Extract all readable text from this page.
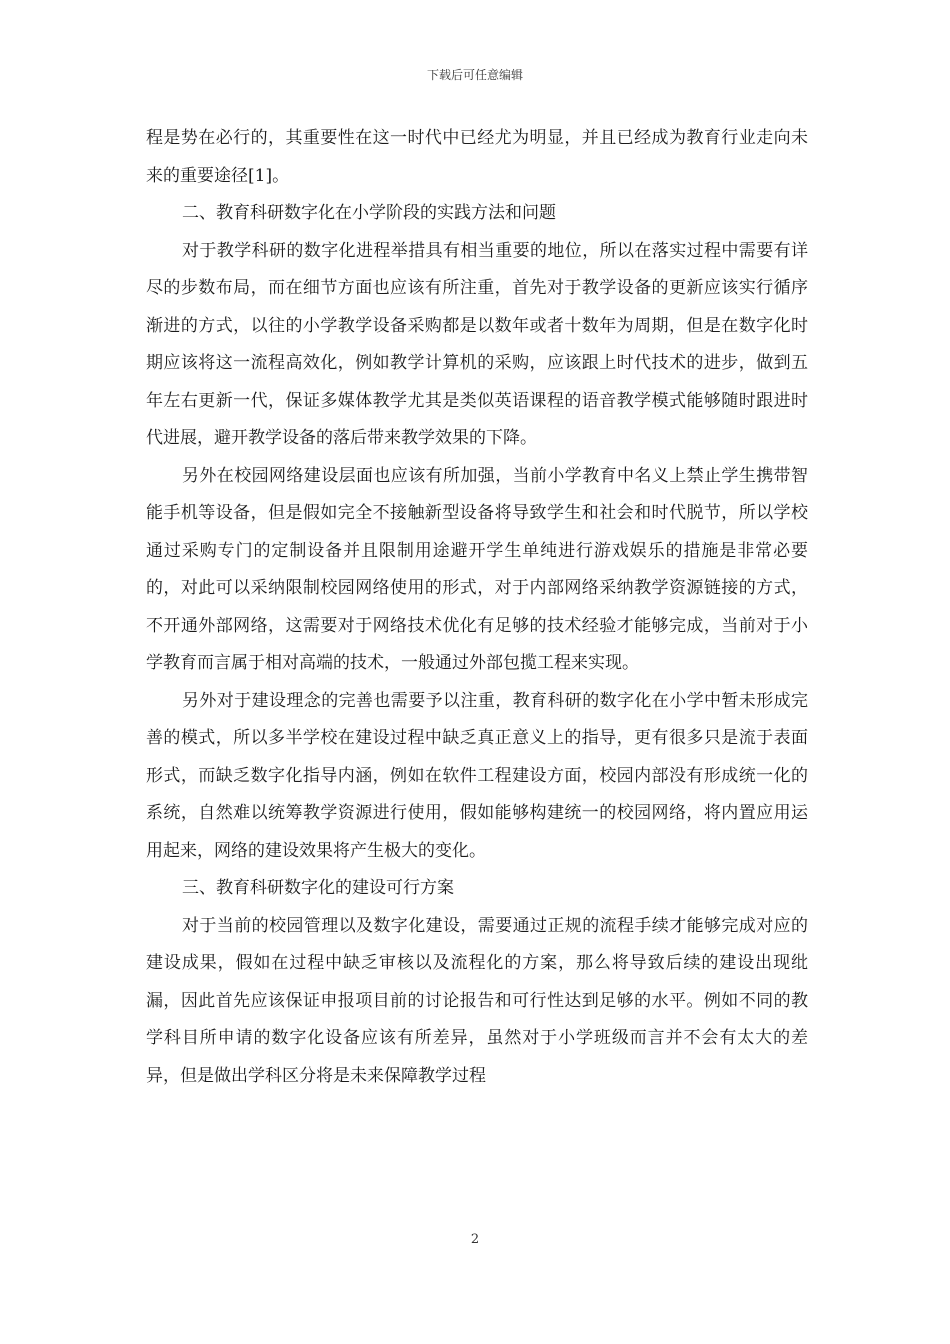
下载后可任意编辑

程是势在必行的，其重要性在这一时代中已经尤为明显，并且已经成为教育行业走向未来的重要途径[1]。

二、教育科研数字化在小学阶段的实践方法和问题

对于教学科研的数字化进程举措具有相当重要的地位，所以在落实过程中需要有详尽的步数布局，而在细节方面也应该有所注重，首先对于教学设备的更新应该实行循序渐进的方式，以往的小学教学设备采购都是以数年或者十数年为周期，但是在数字化时期应该将这一流程高效化，例如教学计算机的采购，应该跟上时代技术的进步，做到五年左右更新一代，保证多媒体教学尤其是类似英语课程的语音教学模式能够随时跟进时代进展，避开教学设备的落后带来教学效果的下降。

另外在校园网络建设层面也应该有所加强，当前小学教育中名义上禁止学生携带智能手机等设备，但是假如完全不接触新型设备将导致学生和社会和时代脱节，所以学校通过采购专门的定制设备并且限制用途避开学生单纯进行游戏娱乐的措施是非常必要的，对此可以采纳限制校园网络使用的形式，对于内部网络采纳教学资源链接的方式，不开通外部网络，这需要对于网络技术优化有足够的技术经验才能够完成，当前对于小学教育而言属于相对高端的技术，一般通过外部包揽工程来实现。

另外对于建设理念的完善也需要予以注重，教育科研的数字化在小学中暂未形成完善的模式，所以多半学校在建设过程中缺乏真正意义上的指导，更有很多只是流于表面形式，而缺乏数字化指导内涵，例如在软件工程建设方面，校园内部没有形成统一化的系统，自然难以统筹教学资源进行使用，假如能够构建统一的校园网络，将内置应用运用起来，网络的建设效果将产生极大的变化。

三、教育科研数字化的建设可行方案

对于当前的校园管理以及数字化建设，需要通过正规的流程手续才能够完成对应的建设成果，假如在过程中缺乏审核以及流程化的方案，那么将导致后续的建设出现纰漏，因此首先应该保证申报项目前的讨论报告和可行性达到足够的水平。例如不同的教学科目所申请的数字化设备应该有所差异，虽然对于小学班级而言并不会有太大的差异，但是做出学科区分将是未来保障教学过程

2
